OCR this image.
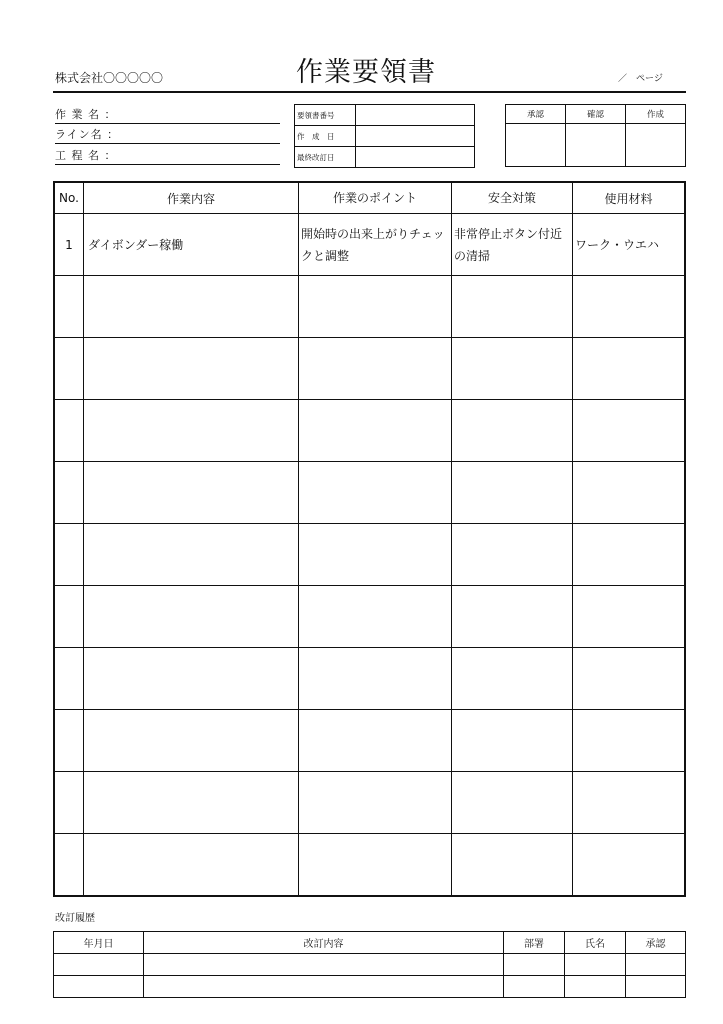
株式会社〇〇〇〇〇	作業要領書	／　ページ
作 業 名 ：
ライン名 ：
工 程 名 ：
要領書番号	
作　成　日	
最終改訂日	
承認	確認	作成

No.	作業内容	作業のポイント	安全対策	使用材料
1	ダイボンダー稼働	開始時の出来上がりチェックと調整	非常停止ボタン付近の清掃	ワーク・ウエハ

改訂履歴
年月日	改訂内容	部署	氏名	承認
